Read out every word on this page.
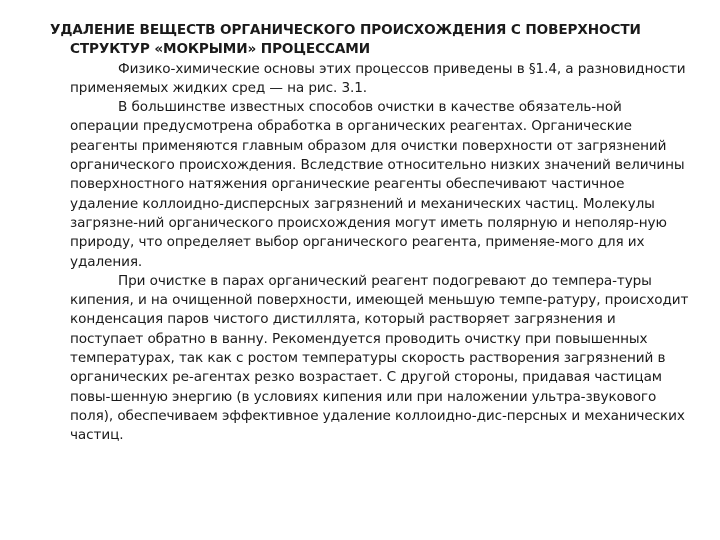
УДАЛЕНИЕ ВЕЩЕСТВ ОРГАНИЧЕСКОГО ПРОИСХОЖДЕНИЯ С ПОВЕРХНОСТИ СТРУКТУР «МОКРЫМИ» ПРОЦЕССАМИ

Физико-химические основы этих процессов приведены в §1.4, а разновидности применяемых жидких сред — на рис. 3.1.

В большинстве известных способов очистки в качестве обязатель-ной операции предусмотрена обработка в органических реагентах. Органические реагенты применяются главным образом для очистки поверхности от загрязнений органического происхождения. Вследствие относительно низких значений величины поверхностного натяжения органические реагенты обеспечивают частичное удаление коллоидно-дисперсных загрязнений и механических частиц. Молекулы загрязне-ний органического происхождения могут иметь полярную и неполяр-ную природу, что определяет выбор органического реагента, применяе-мого для их удаления.

При очистке в парах органический реагент подогревают до темпера-туры кипения, и на очищенной поверхности, имеющей меньшую темпе-ратуру, происходит конденсация паров чистого дистиллята, который растворяет загрязнения и поступает обратно в ванну. Рекомендуется проводить очистку при повышенных температурах, так как с ростом температуры скорость растворения загрязнений в органических ре-агентах резко возрастает. С другой стороны, придавая частицам повы-шенную энергию (в условиях кипения или при наложении ультра-звукового поля), обеспечиваем эффективное удаление коллоидно-дис-персных и механических частиц.
